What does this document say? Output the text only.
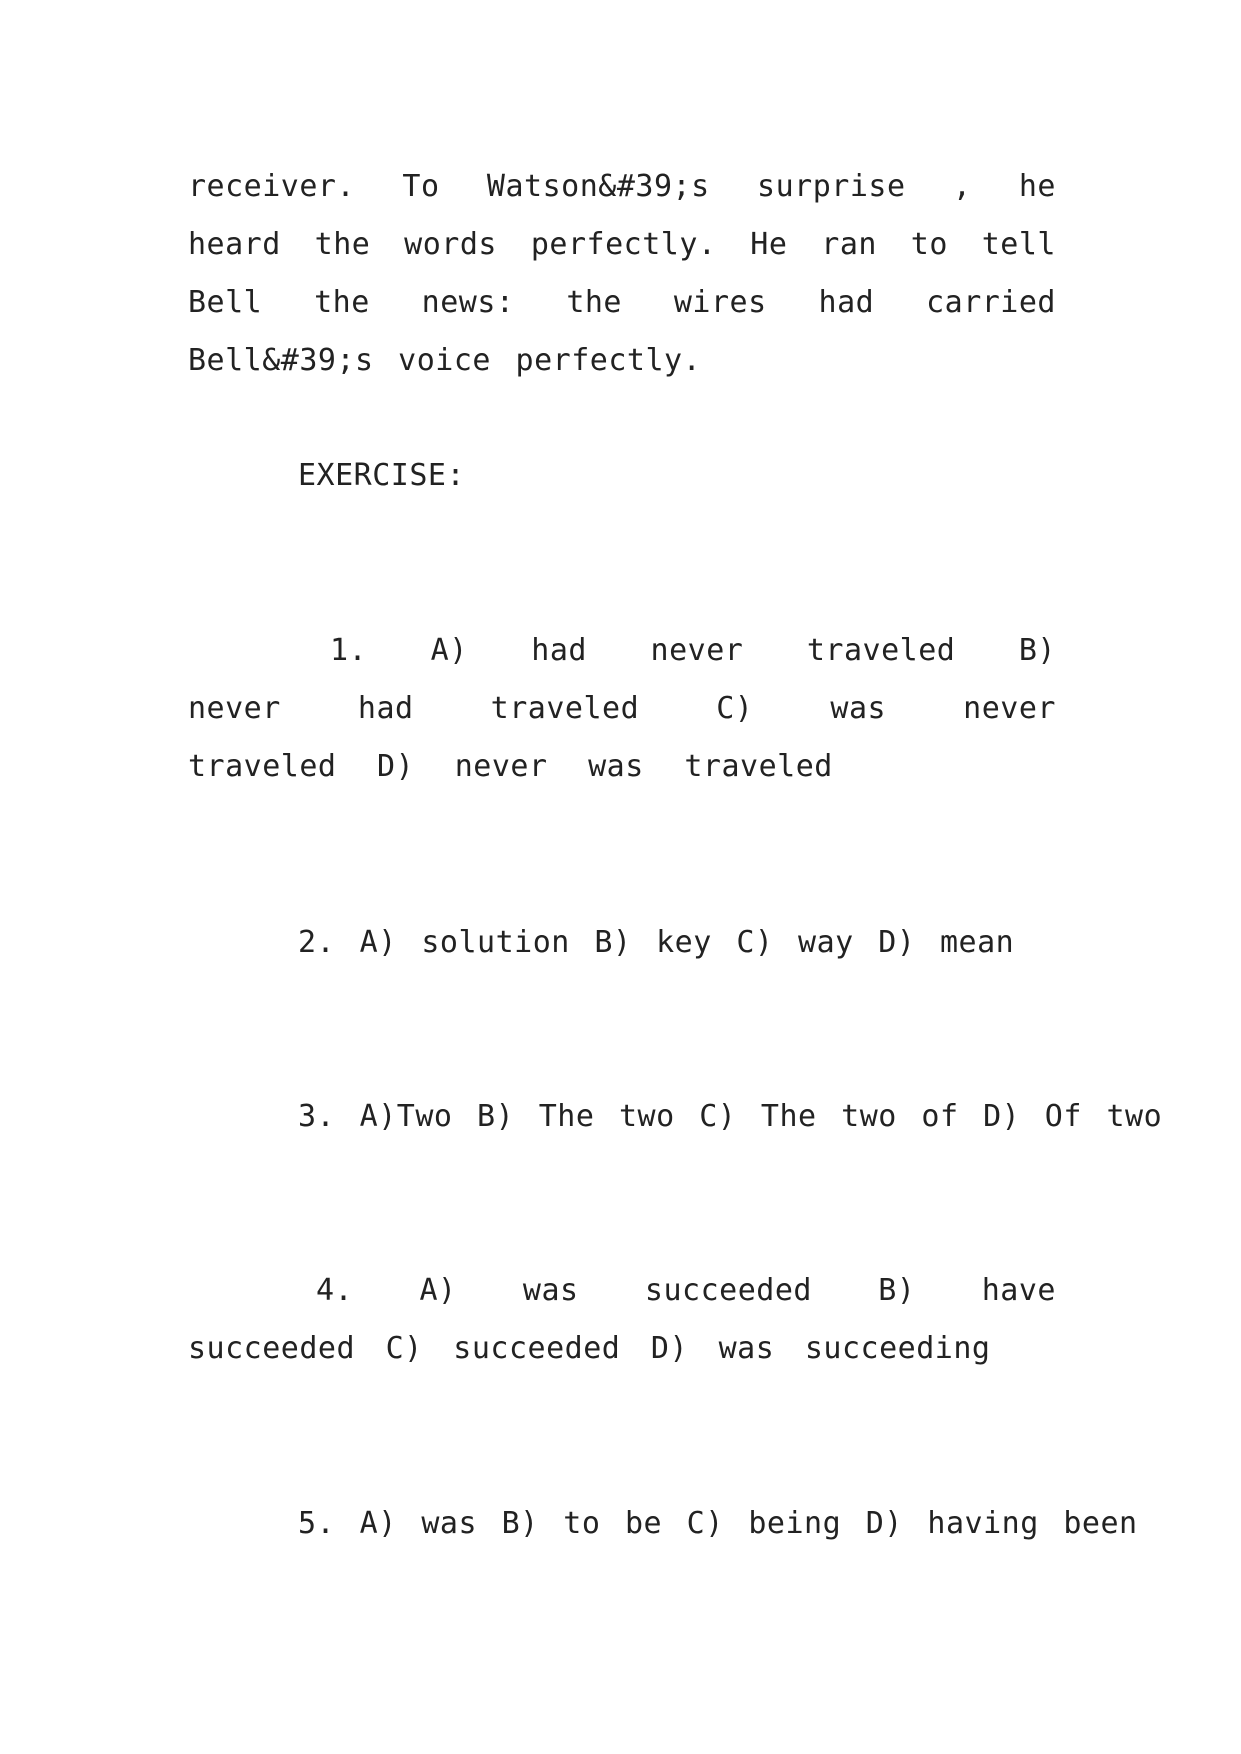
receiver. To Watson&#39;s surprise , he heard the words perfectly. He ran to tell Bell the news: the wires had carried Bell&#39;s voice perfectly.

EXERCISE:

1. A) had never traveled B) never had traveled C) was never traveled D) never was traveled

2. A) solution B) key C) way D) mean
3. A)Two B) The two C) The two of D) Of two

4. A) was succeeded B) have succeeded C) succeeded D) was succeeding

5. A) was B) to be C) being D) having been
